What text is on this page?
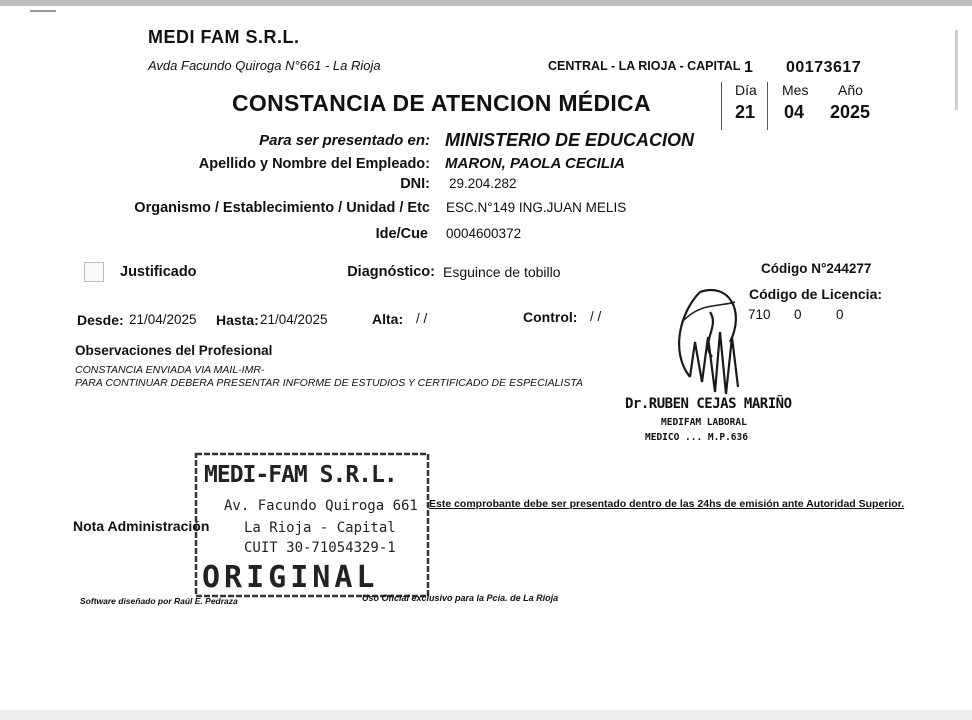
MEDI FAM S.R.L.
Avda Facundo Quiroga N°661 - La Rioja	CENTRAL - LA RIOJA - CAPITAL 1 00173617
CONSTANCIA DE ATENCION MÉDICA	Día Mes Año
21 04 2025
Para ser presentado en: MINISTERIO DE EDUCACION
Apellido y Nombre del Empleado: MARON, PAOLA CECILIA
DNI: 29.204.282
Organismo / Establecimiento / Unidad / Etc ESC.N°149 ING.JUAN MELIS
Ide/Cue 0004600372
Justificado	Diagnóstico: Esguince de tobillo	Código N°244277
Código de Licencia:
710 0	0
Desde: 21/04/2025 Hasta: 21/04/2025	Alta: / /	Control: / /
Observaciones del Profesional
CONSTANCIA ENVIADA VIA MAIL-IMR-
PARA CONTINUAR DEBERA PRESENTAR INFORME DE ESTUDIOS Y CERTIFICADO DE ESPECIALISTA
Dr.RUBEN CEJAS MARIÑO
MEDIFAM LABORAL
MEDICO ... M.P.636
MEDI-FAM S.R.L.
Av. Facundo Quiroga 661
La Rioja - Capital
CUIT 30-71054329-1
ORIGINAL
Nota Administración
Este comprobante debe ser presentado dentro de las 24hs de emisión ante Autoridad Superior.
Software diseñado por Raúl E. Pedraza	Uso Oficial exclusivo para la Pcia. de La Rioja
